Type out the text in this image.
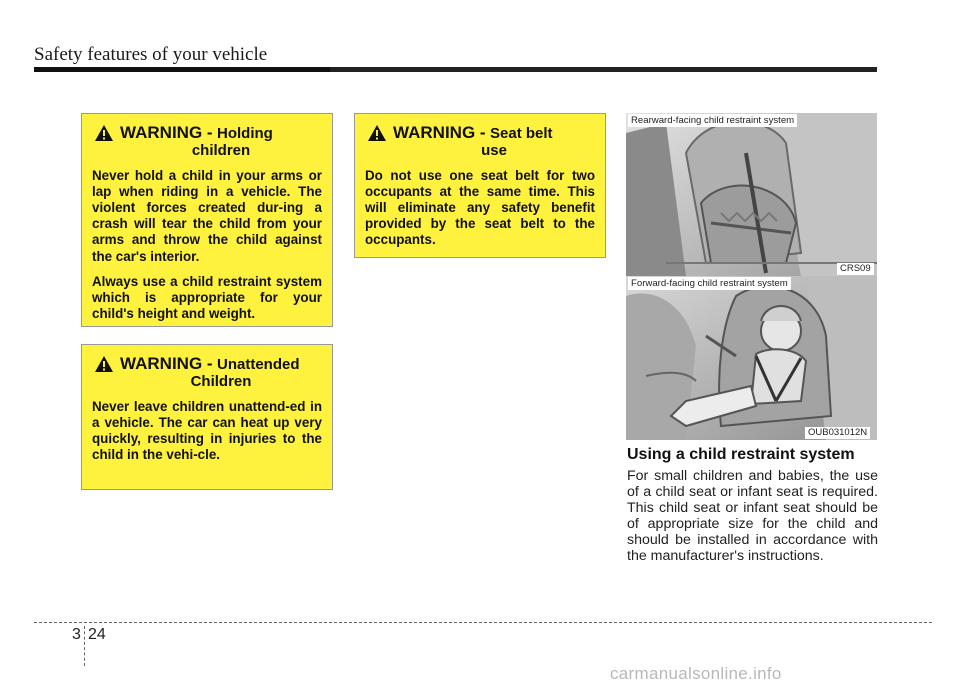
Safety features of your vehicle
WARNING - Holding
children

Never hold a child in your arms or lap when riding in a vehicle. The violent forces created dur-ing a crash will tear the child from your arms and throw the child against the car's interior.

Always use a child restraint system which is appropriate for your child's height and weight.

WARNING - Unattended
Children

Never leave children unattend-ed in a vehicle. The car can heat up very quickly, resulting in injuries to the child in the vehi-cle.

WARNING - Seat belt
use

Do not use one seat belt for two occupants at the same time. This will eliminate any safety benefit provided by the seat belt to the occupants.

Rearward-facing child restraint system
CRS09
Forward-facing child restraint system
OUB031012N
Using a child restraint system
For small children and babies, the use of a child seat or infant seat is required. This child seat or infant seat should be of appropriate size for the child and should be installed in accordance with the manufacturer's instructions.
3 24
carmanualsonline.info
